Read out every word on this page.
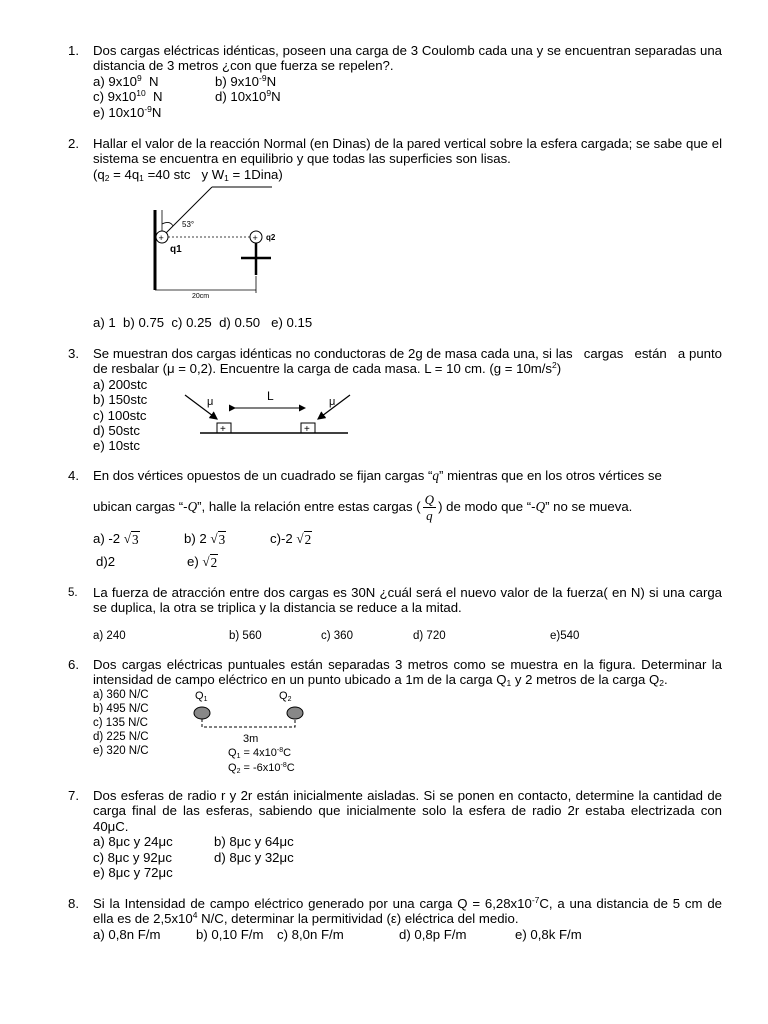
1. Dos cargas eléctricas idénticas, poseen una carga de 3 Coulomb cada una y se encuentran separadas una distancia de 3 metros ¿con que fuerza se repelen?.
a) $9x10^9$  N	b) $9x10^{-9}N$
c) $9x10^{10}$  N	d) $10x10^9N$
e) $10x10^{-9}N$
2. Hallar el valor de la reacción Normal (en Dinas) de la pared vertical sobre la esfera cargada; se sabe que el sistema se encuentra en equilibrio y que todas las superficies son lisas.
($q_2 = 4q_1 =40$ stc   y $W_1$ = 1Dina)
53°
+
q1
+ q2
20cm
a) 1  b) 0.75  c) 0.25  d) 0.50   e) 0.15
3. Se muestran dos cargas idénticas no conductoras de 2g de masa cada una, si las   cargas   están   a punto de resbalar (μ = 0,2). Encuentre la carga de cada masa. L = 10 cm. $(g = 10m/s^2)$
a) 200stc
b) 150stc
c) 100stc
d) 50stc
e) 10stc
μ	μ
L
+	+
4. En dos vértices opuestos de un cuadrado se fijan cargas “q” mientras que en los otros vértices se
ubican cargas “-Q”, halle la relación entre estas cargas ( $\frac{Q}{q}$ ) de modo que “-Q” no se mueva.
a) -2 √ 3	b) 2 √ 3	c)-2 √ 2
d)2	e) √ 2
5. La fuerza de atracción entre dos cargas es 30N ¿cuál será el nuevo valor de la fuerza( en N) si una carga se duplica, la otra se triplica y la distancia se reduce a la mitad.
a) 240	b) 560	c) 360	d) 720	e)540
6. Dos cargas eléctricas puntuales están separadas 3 metros como se muestra en la figura. Determinar la intensidad de campo eléctrico en un punto ubicado a 1m de la carga $Q_1$ y 2 metros de la carga $Q_2$.
a) 360 N/C
b) 495 N/C
c) 135 N/C
d) 225 N/C
e) 320 N/C
Q1	Q2
3m
$Q1 = 4x10^{-8}C$
$Q2 = -6x10^{-8}C$
7. Dos esferas de radio r y 2r están inicialmente aisladas. Si se ponen en contacto, determine la cantidad de carga final de las esferas, sabiendo que inicialmente solo la esfera de radio 2r estaba electrizada con 40μC.
a) 8μc y 24μc	b) 8μc y 64μc
c) 8μc y 92μc	d) 8μc y 32μc
e) 8μc y 72μc
8. Si la Intensidad de campo eléctrico generado por una carga $Q = 6,28x10^{-7}C$, a una distancia de 5 cm de ella es de $2,5x10^4$ N/C, determinar la permitividad (ε) eléctrica del medio.
a) 0,8n F/m	b) 0,10 F/m c) 8,0n F/m	d) 0,8p F/m	e) 0,8k F/m
